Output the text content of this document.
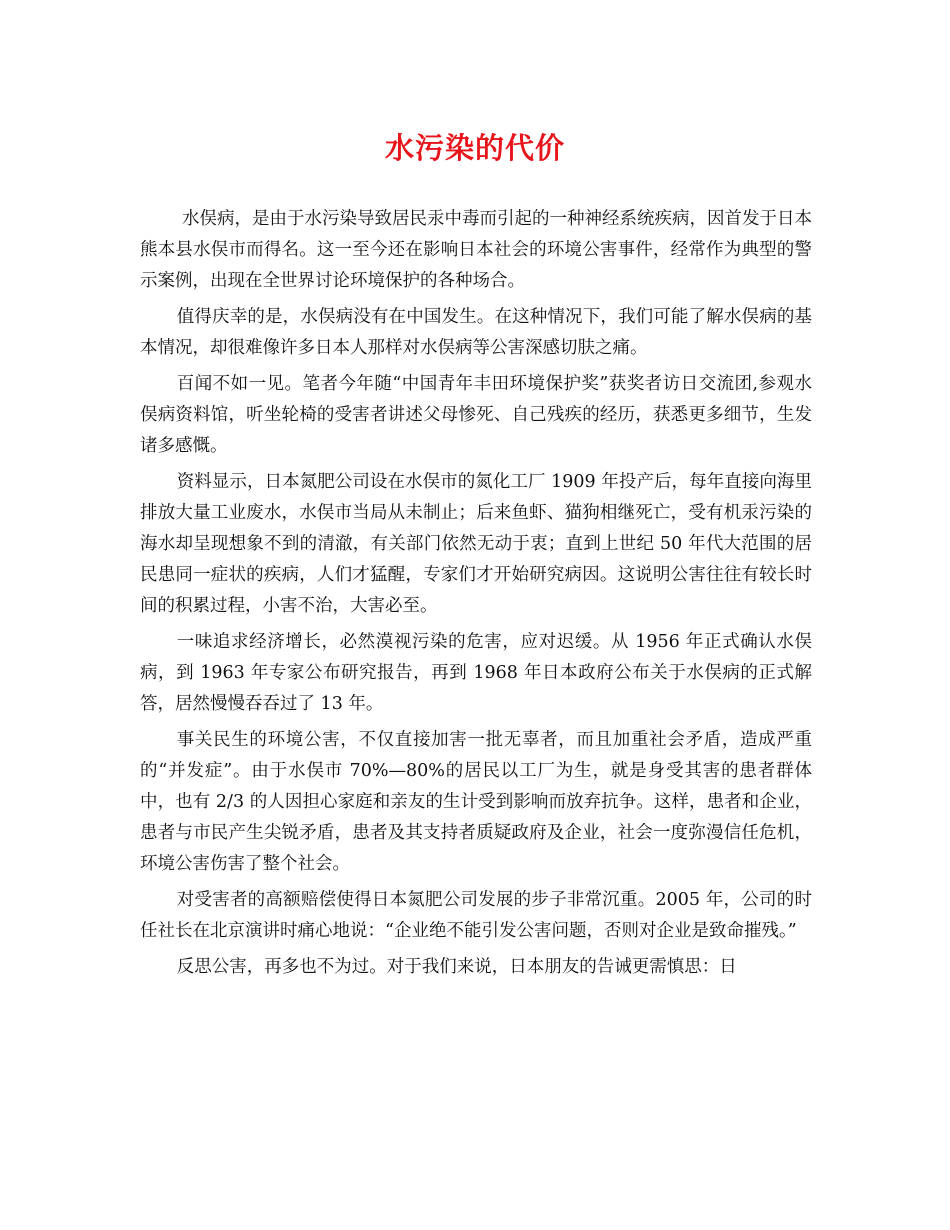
水污染的代价

水俣病，是由于水污染导致居民汞中毒而引起的一种神经系统疾病，因首发于日本熊本县水俣市而得名。这一至今还在影响日本社会的环境公害事件，经常作为典型的警示案例，出现在全世界讨论环境保护的各种场合。

值得庆幸的是，水俣病没有在中国发生。在这种情况下，我们可能了解水俣病的基本情况，却很难像许多日本人那样对水俣病等公害深感切肤之痛。

百闻不如一见。笔者今年随“中国青年丰田环境保护奖”获奖者访日交流团,参观水俣病资料馆，听坐轮椅的受害者讲述父母惨死、自己残疾的经历，获悉更多细节，生发诸多感慨。

资料显示，日本氮肥公司设在水俣市的氮化工厂 1909 年投产后，每年直接向海里排放大量工业废水，水俣市当局从未制止；后来鱼虾、猫狗相继死亡，受有机汞污染的海水却呈现想象不到的清澈，有关部门依然无动于衷；直到上世纪 50 年代大范围的居民患同一症状的疾病，人们才猛醒，专家们才开始研究病因。这说明公害往往有较长时间的积累过程，小害不治，大害必至。

一味追求经济增长，必然漠视污染的危害，应对迟缓。从 1956 年正式确认水俣病，到 1963 年专家公布研究报告，再到 1968 年日本政府公布关于水俣病的正式解答，居然慢慢吞吞过了 13 年。

事关民生的环境公害，不仅直接加害一批无辜者，而且加重社会矛盾，造成严重的“并发症”。由于水俣市 70%—80%的居民以工厂为生，就是身受其害的患者群体中，也有 2/3 的人因担心家庭和亲友的生计受到影响而放弃抗争。这样，患者和企业，患者与市民产生尖锐矛盾，患者及其支持者质疑政府及企业，社会一度弥漫信任危机，环境公害伤害了整个社会。

对受害者的高额赔偿使得日本氮肥公司发展的步子非常沉重。2005 年，公司的时任社长在北京演讲时痛心地说：“企业绝不能引发公害问题，否则对企业是致命摧残。”

反思公害，再多也不为过。对于我们来说，日本朋友的告诫更需慎思：日
